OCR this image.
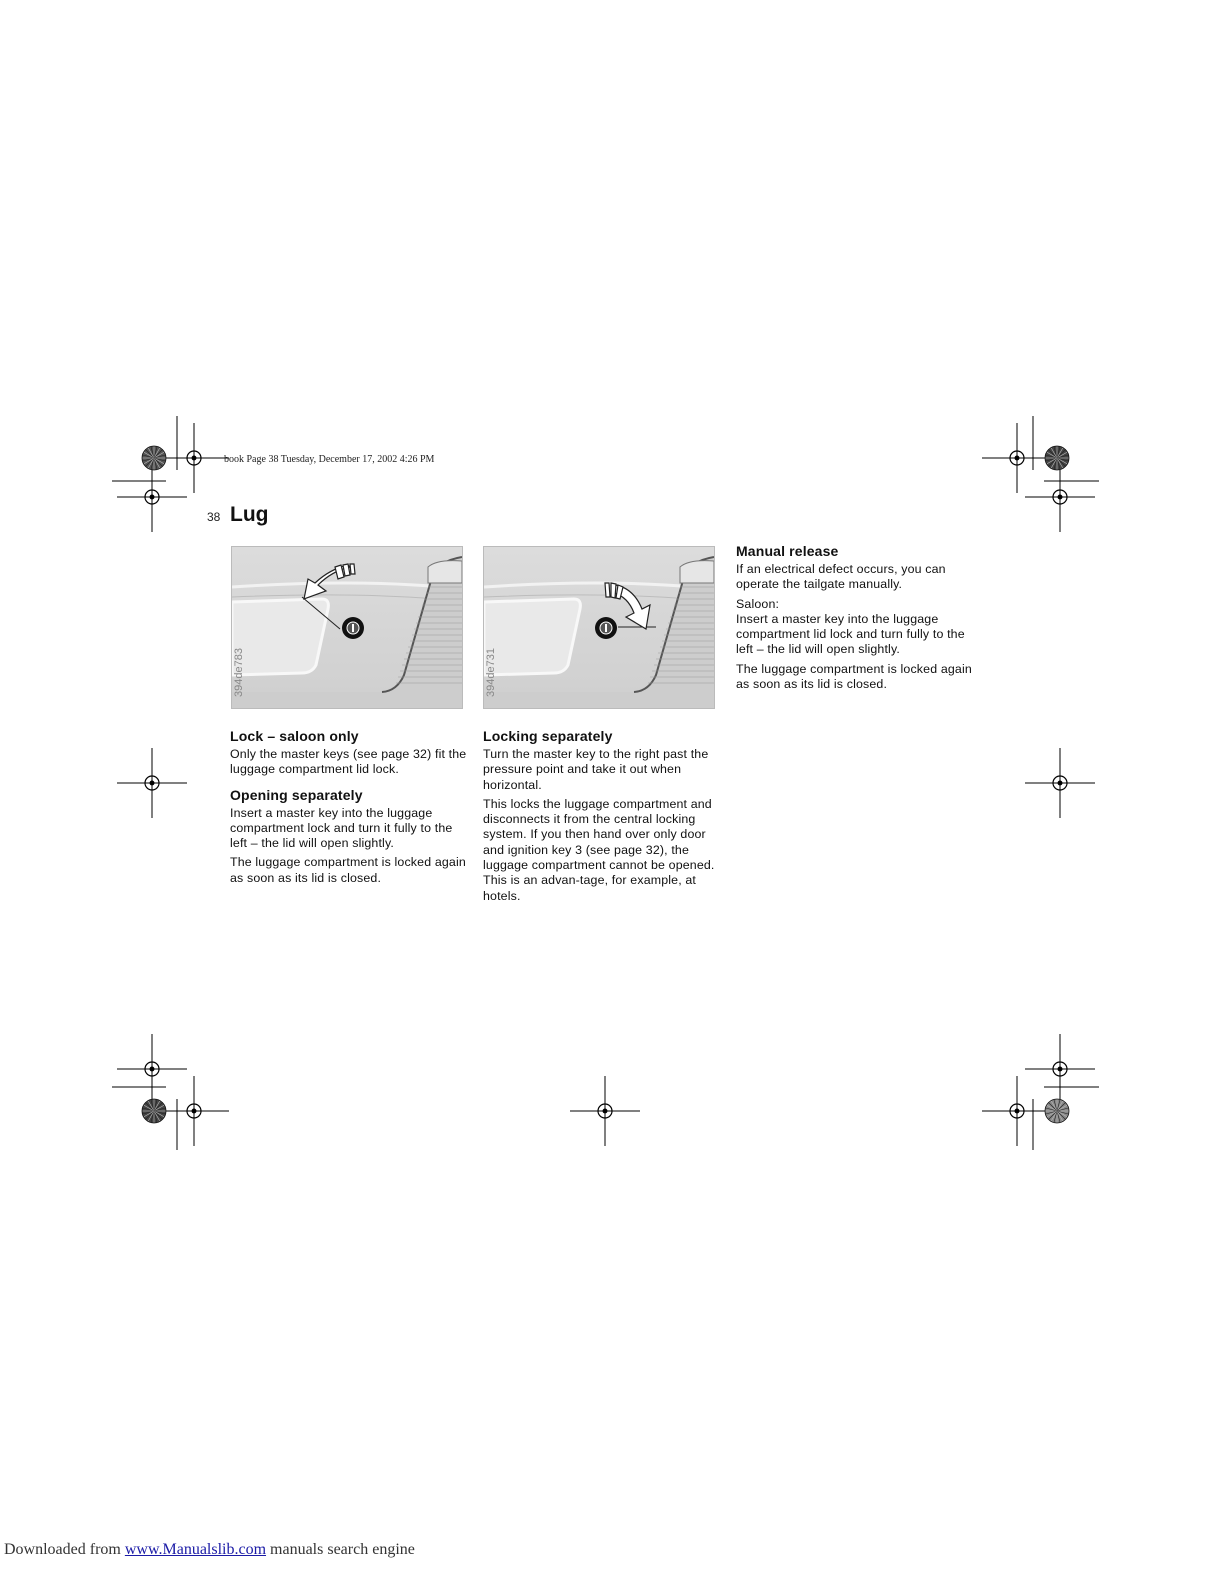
book Page 38 Tuesday, December 17, 2002 4:26 PM
38 Lug
394de783	394de731
Lock – saloon only

Only the master keys (see page 32) fit the luggage compartment lid lock.

Opening separately

Insert a master key into the luggage compartment lock and turn it fully to the left – the lid will open slightly.

The luggage compartment is locked again as soon as its lid is closed.

Locking separately

Turn the master key to the right past the pressure point and take it out when horizontal.

This locks the luggage compartment and disconnects it from the central locking system. If you then hand over only door and ignition key 3 (see page 32), the luggage compartment cannot be opened. This is an advan-tage, for example, at hotels.

Manual release

If an electrical defect occurs, you can operate the tailgate manually.

Saloon:

Insert a master key into the luggage compartment lid lock and turn fully to the left – the lid will open slightly.

The luggage compartment is locked again as soon as its lid is closed.

Downloaded from www.Manualslib.com manuals search engine
